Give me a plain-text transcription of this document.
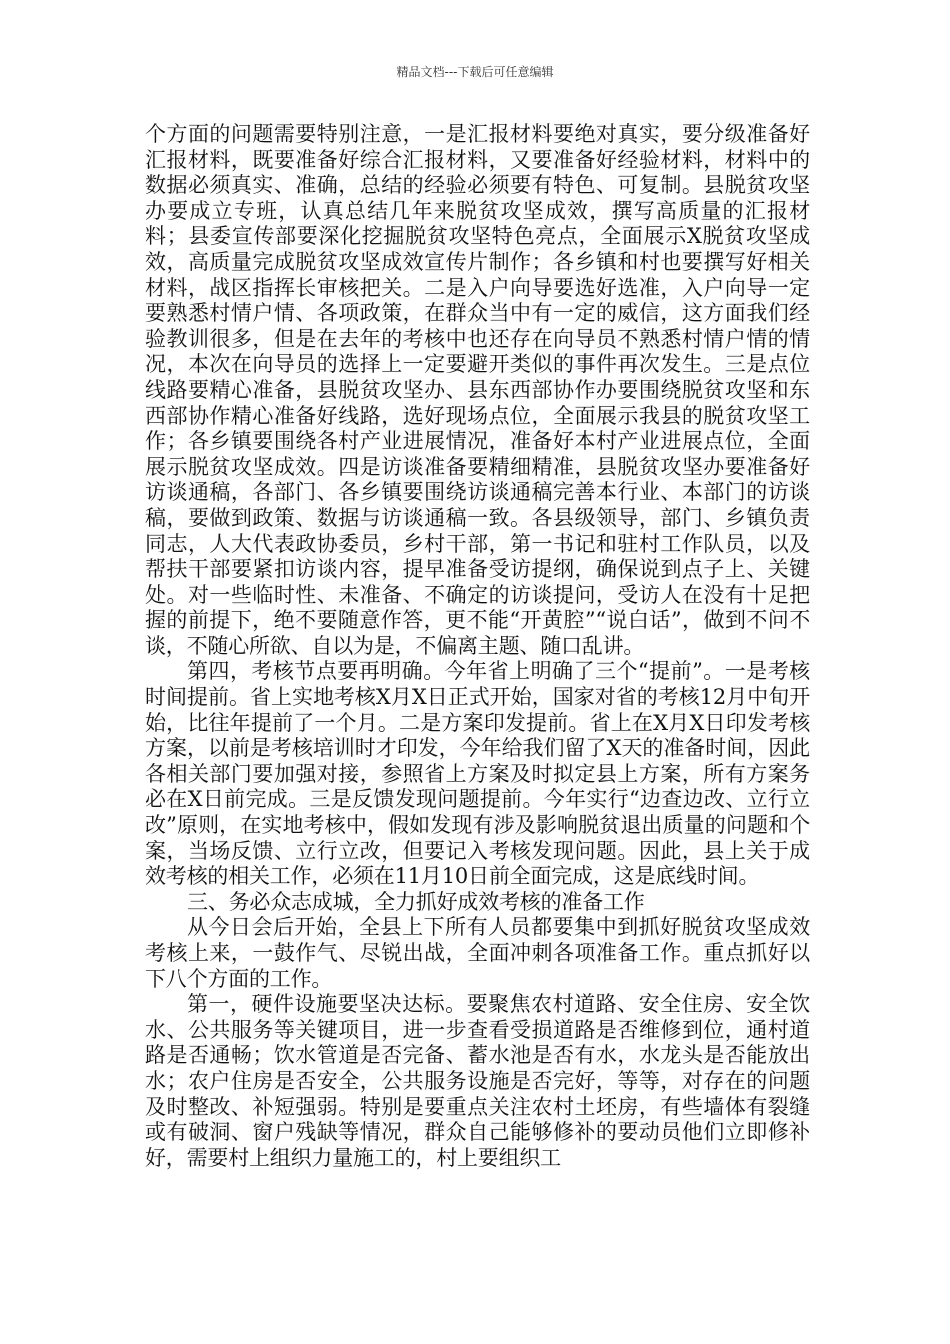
精品文档---下载后可任意编辑

个方面的问题需要特别注意，一是汇报材料要绝对真实，要分级准备好汇报材料，既要准备好综合汇报材料，又要准备好经验材料，材料中的数据必须真实、准确，总结的经验必须要有特色、可复制。县脱贫攻坚办要成立专班，认真总结几年来脱贫攻坚成效，撰写高质量的汇报材料；县委宣传部要深化挖掘脱贫攻坚特色亮点，全面展示X脱贫攻坚成效，高质量完成脱贫攻坚成效宣传片制作；各乡镇和村也要撰写好相关材料，战区指挥长审核把关。二是入户向导要选好选准，入户向导一定要熟悉村情户情、各项政策，在群众当中有一定的威信，这方面我们经验教训很多，但是在去年的考核中也还存在向导员不熟悉村情户情的情况，本次在向导员的选择上一定要避开类似的事件再次发生。三是点位线路要精心准备，县脱贫攻坚办、县东西部协作办要围绕脱贫攻坚和东西部协作精心准备好线路，选好现场点位，全面展示我县的脱贫攻坚工作；各乡镇要围绕各村产业进展情况，准备好本村产业进展点位，全面展示脱贫攻坚成效。四是访谈准备要精细精准，县脱贫攻坚办要准备好访谈通稿，各部门、各乡镇要围绕访谈通稿完善本行业、本部门的访谈稿，要做到政策、数据与访谈通稿一致。各县级领导，部门、乡镇负责同志，人大代表政协委员，乡村干部，第一书记和驻村工作队员，以及帮扶干部要紧扣访谈内容，提早准备受访提纲，确保说到点子上、关键处。对一些临时性、未准备、不确定的访谈提问，受访人在没有十足把握的前提下，绝不要随意作答，更不能“开黄腔”“说白话”，做到不问不谈，不随心所欲、自以为是，不偏离主题、随口乱讲。

第四，考核节点要再明确。今年省上明确了三个“提前”。一是考核时间提前。省上实地考核X月X日正式开始，国家对省的考核12月中旬开始，比往年提前了一个月。二是方案印发提前。省上在X月X日印发考核方案，以前是考核培训时才印发，今年给我们留了X天的准备时间，因此各相关部门要加强对接，参照省上方案及时拟定县上方案，所有方案务必在X日前完成。三是反馈发现问题提前。今年实行“边查边改、立行立改”原则，在实地考核中，假如发现有涉及影响脱贫退出质量的问题和个案，当场反馈、立行立改，但要记入考核发现问题。因此，县上关于成效考核的相关工作，必须在11月10日前全面完成，这是底线时间。

三、务必众志成城，全力抓好成效考核的准备工作

从今日会后开始，全县上下所有人员都要集中到抓好脱贫攻坚成效考核上来，一鼓作气、尽锐出战，全面冲刺各项准备工作。重点抓好以下八个方面的工作。

第一，硬件设施要坚决达标。要聚焦农村道路、安全住房、安全饮水、公共服务等关键项目，进一步查看受损道路是否维修到位，通村道路是否通畅；饮水管道是否完备、蓄水池是否有水，水龙头是否能放出水；农户住房是否安全，公共服务设施是否完好，等等，对存在的问题及时整改、补短强弱。特别是要重点关注农村土坯房，有些墙体有裂缝或有破洞、窗户残缺等情况，群众自己能够修补的要动员他们立即修补好，需要村上组织力量施工的，村上要组织工
